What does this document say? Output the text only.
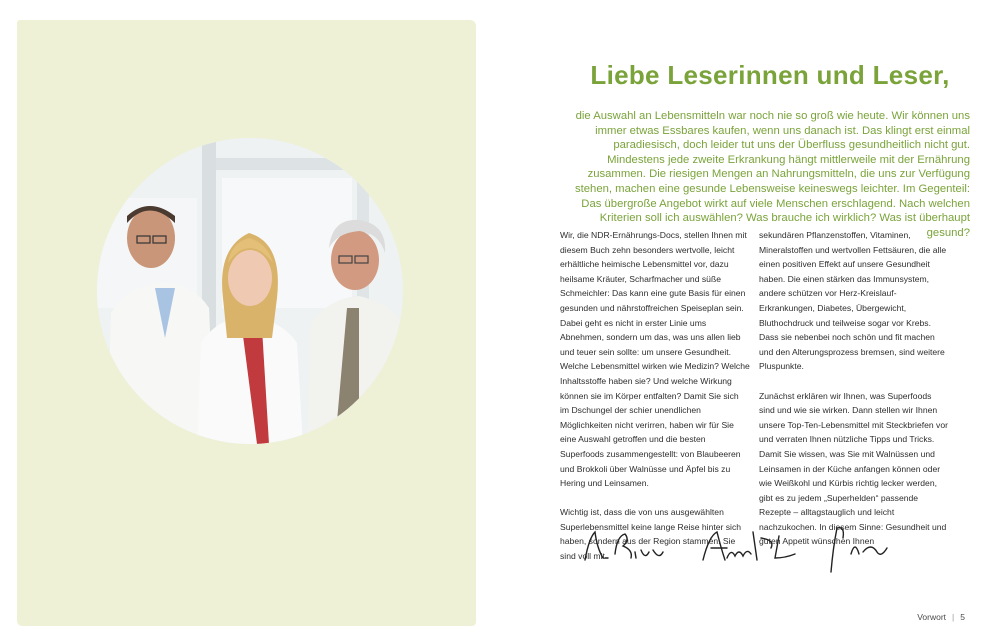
Liebe Leserinnen und Leser,

die Auswahl an Lebensmitteln war noch nie so groß wie heute. Wir können uns immer etwas Essbares kaufen, wenn uns danach ist. Das klingt erst einmal paradiesisch, doch leider tut uns der Überfluss gesundheitlich nicht gut. Mindestens jede zweite Erkrankung hängt mittlerweile mit der Ernährung zusammen. Die riesigen Mengen an Nahrungsmitteln, die uns zur Verfügung stehen, machen eine gesunde Lebensweise keineswegs leichter. Im Gegenteil: Das übergroße Angebot wirkt auf viele Menschen erschlagend. Nach welchen Kriterien soll ich auswählen? Was brauche ich wirklich? Was ist überhaupt gesund?

Wir, die NDR-Ernährungs-Docs, stellen Ihnen mit diesem Buch zehn besonders wertvolle, leicht erhältliche heimische Lebensmittel vor, dazu heilsame Kräuter, Scharfmacher und süße Schmeichler: Das kann eine gute Basis für einen gesunden und nährstoffreichen Speiseplan sein. Dabei geht es nicht in erster Linie ums Abnehmen, sondern um das, was uns allen lieb und teuer sein sollte: um unsere Gesundheit. Welche Lebensmittel wirken wie Medizin? Welche Inhaltsstoffe haben sie? Und welche Wirkung können sie im Körper entfalten? Damit Sie sich im Dschungel der schier unendlichen Möglichkeiten nicht verirren, haben wir für Sie eine Auswahl getroffen und die besten Superfoods zusammengestellt: von Blaubeeren und Brokkoli über Walnüsse und Äpfel bis zu Hering und Leinsamen.

Wichtig ist, dass die von uns ausgewählten Superlebensmittel keine lange Reise hinter sich haben, sondern aus der Region stammen. Sie sind voll mit

sekundären Pflanzenstoffen, Vitaminen, Mineralstoffen und wertvollen Fettsäuren, die alle einen positiven Effekt auf unsere Gesundheit haben. Die einen stärken das Immunsystem, andere schützen vor Herz-Kreislauf-Erkrankungen, Diabetes, Übergewicht, Bluthochdruck und teilweise sogar vor Krebs. Dass sie nebenbei noch schön und fit machen und den Alterungsprozess bremsen, sind weitere Pluspunkte.

Zunächst erklären wir Ihnen, was Superfoods sind und wie sie wirken. Dann stellen wir Ihnen unsere Top-Ten-Lebensmittel mit Steckbriefen vor und verraten Ihnen nützliche Tipps und Tricks. Damit Sie wissen, was Sie mit Walnüssen und Leinsamen in der Küche anfangen können oder wie Weißkohl und Kürbis richtig lecker werden, gibt es zu jedem „Superhelden“ passende Rezepte – alltagstauglich und leicht nachzukochen. In diesem Sinne: Gesundheit und guten Appetit wünschen Ihnen

Vorwort | 5
